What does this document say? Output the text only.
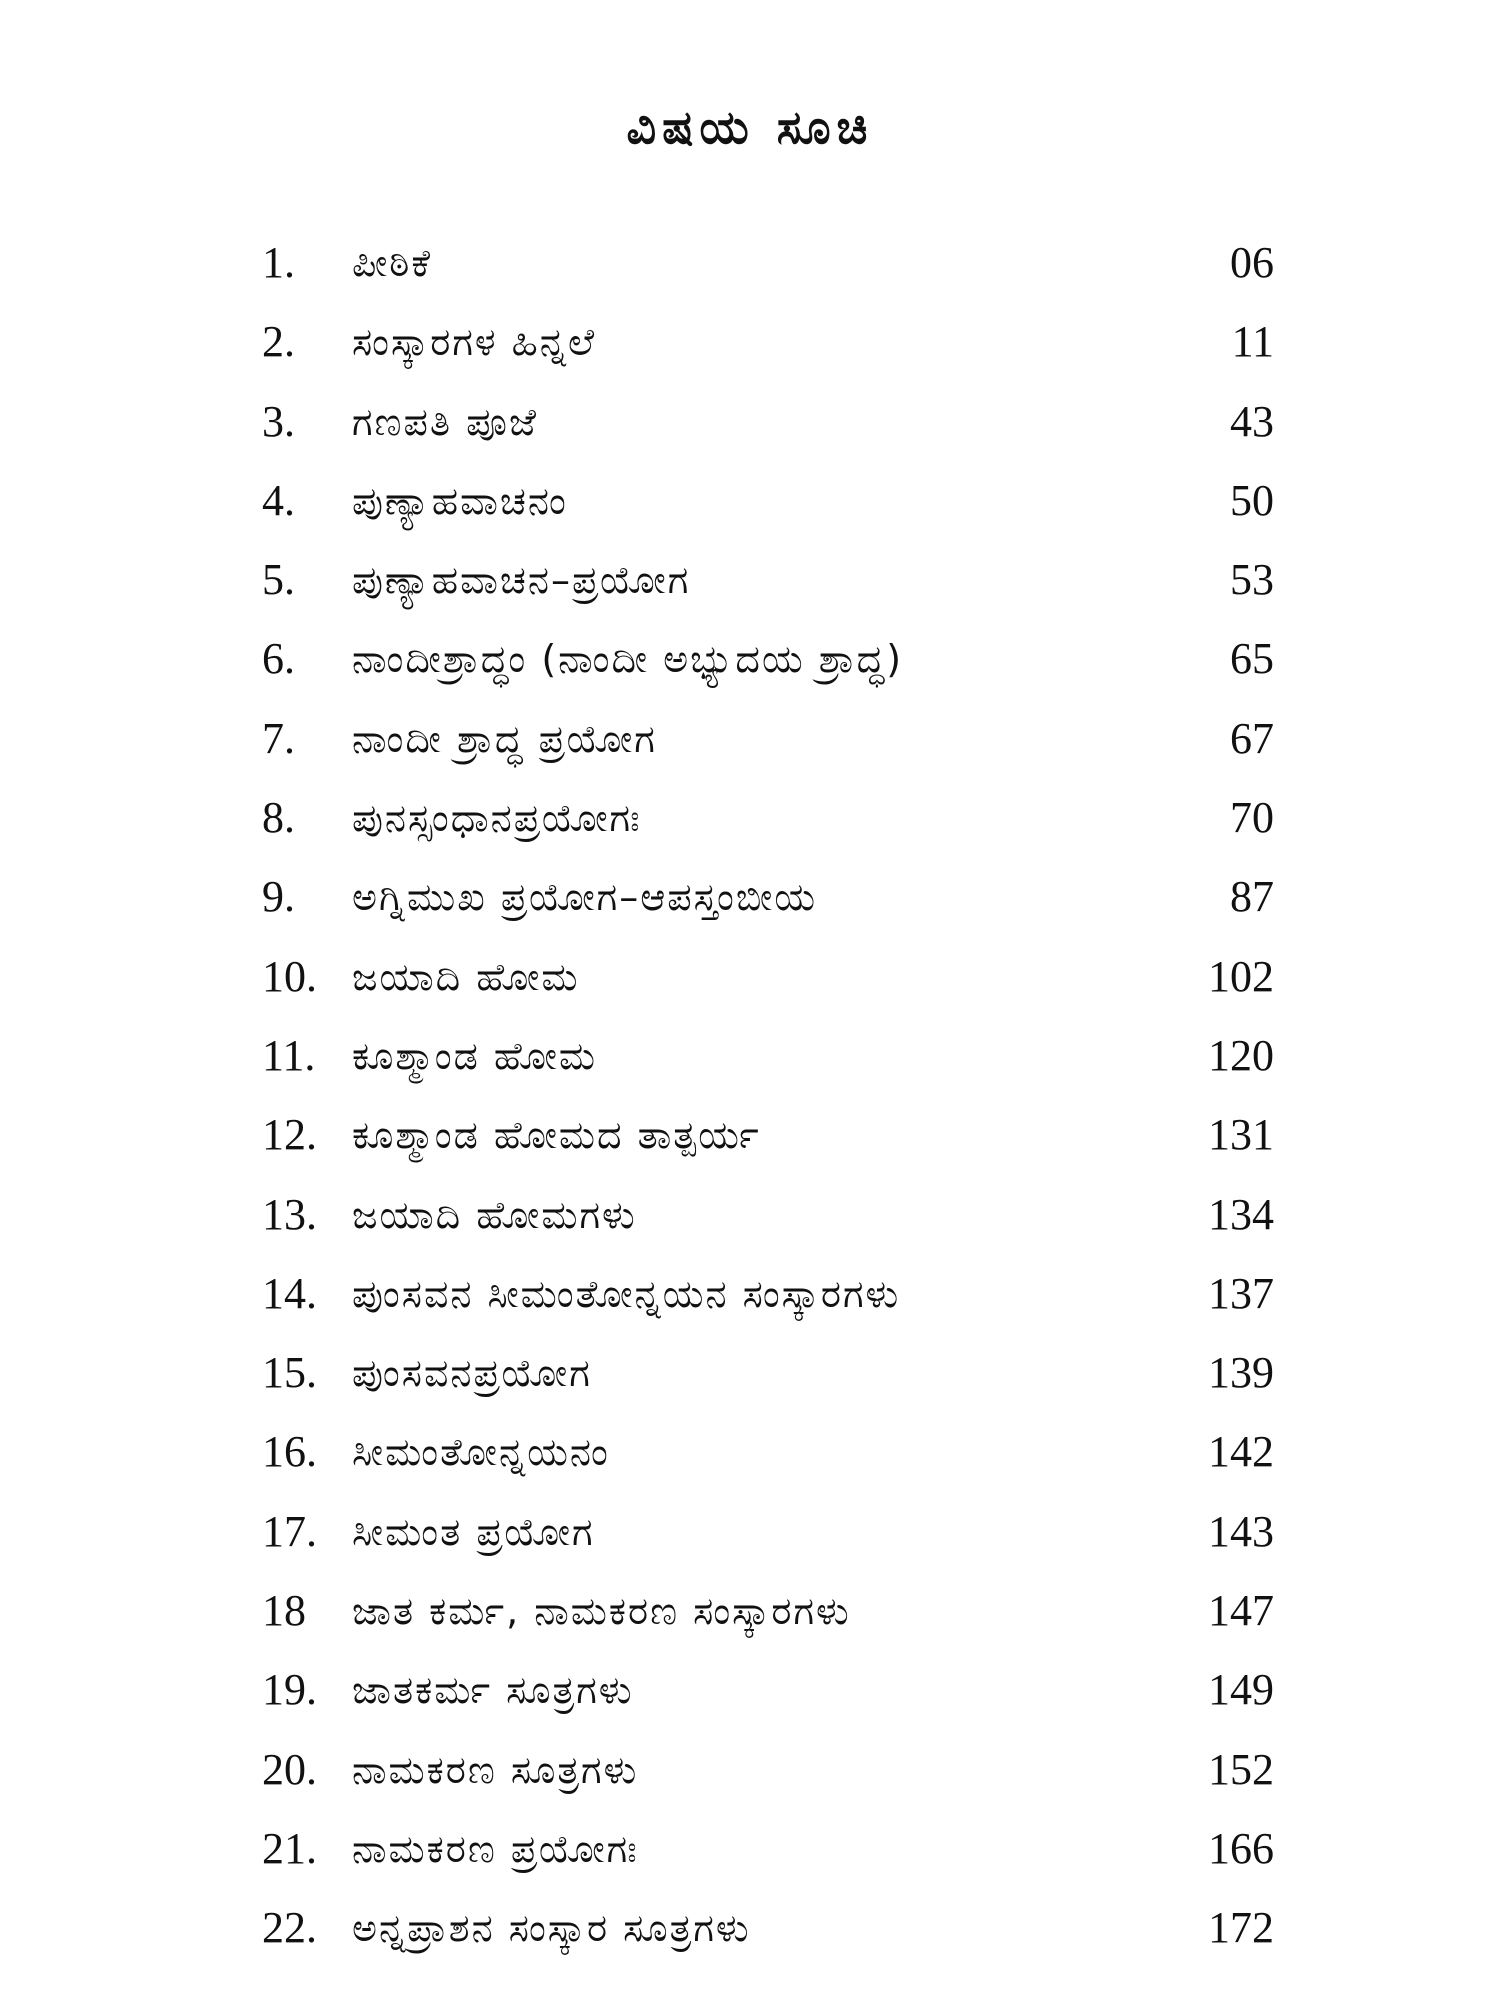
ವಿಷಯ ಸೂಚಿ
1. ಪೀಠಿಕೆ	06
2. ಸಂಸ್ಕಾರಗಳ ಹಿನ್ನಲೆ	11
3. ಗಣಪತಿ ಪೂಜೆ	43
4. ಪುಣ್ಯಾಹವಾಚನಂ	50
5. ಪುಣ್ಯಾಹವಾಚನ–ಪ್ರಯೋಗ	53
6. ನಾಂದೀಶ್ರಾದ್ಧಂ (ನಾಂದೀ ಅಭ್ಯುದಯ ಶ್ರಾದ್ಧ)	65
7. ನಾಂದೀ ಶ್ರಾದ್ಧ ಪ್ರಯೋಗ	67
8. ಪುನಸ್ಸಂಧಾನಪ್ರಯೋಗಃ	70
9. ಅಗ್ನಿಮುಖ ಪ್ರಯೋಗ–ಆಪಸ್ತಂಬೀಯ	87
10. ಜಯಾದಿ ಹೋಮ	102
11. ಕೂಶ್ಮಾಂಡ ಹೋಮ	120
12. ಕೂಶ್ಮಾಂಡ ಹೋಮದ ತಾತ್ಪರ್ಯ	131
13. ಜಯಾದಿ ಹೋಮಗಳು	134
14. ಪುಂಸವನ ಸೀಮಂತೋನ್ನಯನ ಸಂಸ್ಕಾರಗಳು	137
15. ಪುಂಸವನಪ್ರಯೋಗ	139
16. ಸೀಮಂತೋನ್ನಯನಂ	142
17. ಸೀಮಂತ ಪ್ರಯೋಗ	143
18 ಜಾತ ಕರ್ಮ, ನಾಮಕರಣ ಸಂಸ್ಕಾರಗಳು	147
19. ಜಾತಕರ್ಮ ಸೂತ್ರಗಳು	149
20. ನಾಮಕರಣ ಸೂತ್ರಗಳು	152
21. ನಾಮಕರಣ ಪ್ರಯೋಗಃ	166
22. ಅನ್ನಪ್ರಾಶನ ಸಂಸ್ಕಾರ ಸೂತ್ರಗಳು	172
